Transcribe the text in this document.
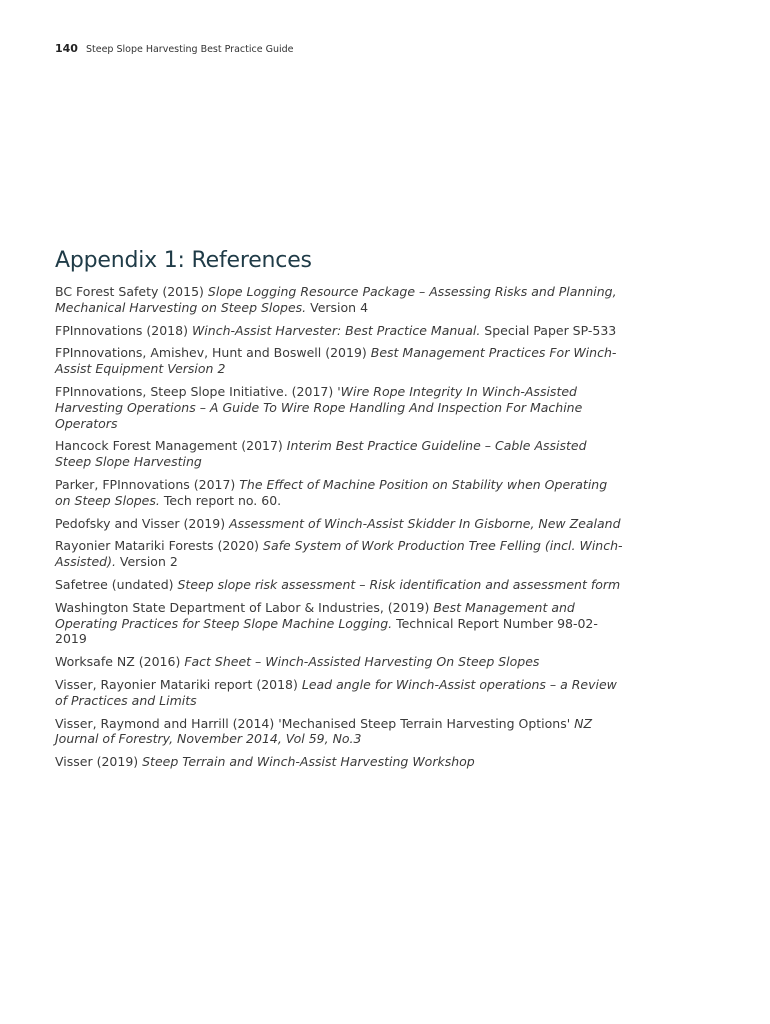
140 Steep Slope Harvesting Best Practice Guide
Appendix 1: References
BC Forest Safety (2015) Slope Logging Resource Package – Assessing Risks and Planning, Mechanical Harvesting on Steep Slopes. Version 4
FPInnovations (2018) Winch-Assist Harvester: Best Practice Manual. Special Paper SP-533
FPInnovations, Amishev, Hunt and Boswell (2019) Best Management Practices For Winch-Assist Equipment Version 2
FPInnovations, Steep Slope Initiative. (2017) 'Wire Rope Integrity In Winch-Assisted Harvesting Operations – A Guide To Wire Rope Handling And Inspection For Machine Operators
Hancock Forest Management (2017) Interim Best Practice Guideline – Cable Assisted Steep Slope Harvesting
Parker, FPInnovations (2017) The Effect of Machine Position on Stability when Operating on Steep Slopes. Tech report no. 60.
Pedofsky and Visser (2019) Assessment of Winch-Assist Skidder In Gisborne, New Zealand
Rayonier Matariki Forests (2020) Safe System of Work Production Tree Felling (incl. Winch-Assisted). Version 2
Safetree (undated) Steep slope risk assessment – Risk identification and assessment form
Washington State Department of Labor & Industries, (2019) Best Management and Operating Practices for Steep Slope Machine Logging. Technical Report Number 98-02-2019
Worksafe NZ (2016) Fact Sheet – Winch-Assisted Harvesting On Steep Slopes
Visser, Rayonier Matariki report (2018) Lead angle for Winch-Assist operations – a Review of Practices and Limits
Visser, Raymond and Harrill (2014) 'Mechanised Steep Terrain Harvesting Options' NZ Journal of Forestry, November 2014, Vol 59, No.3
Visser (2019) Steep Terrain and Winch-Assist Harvesting Workshop
